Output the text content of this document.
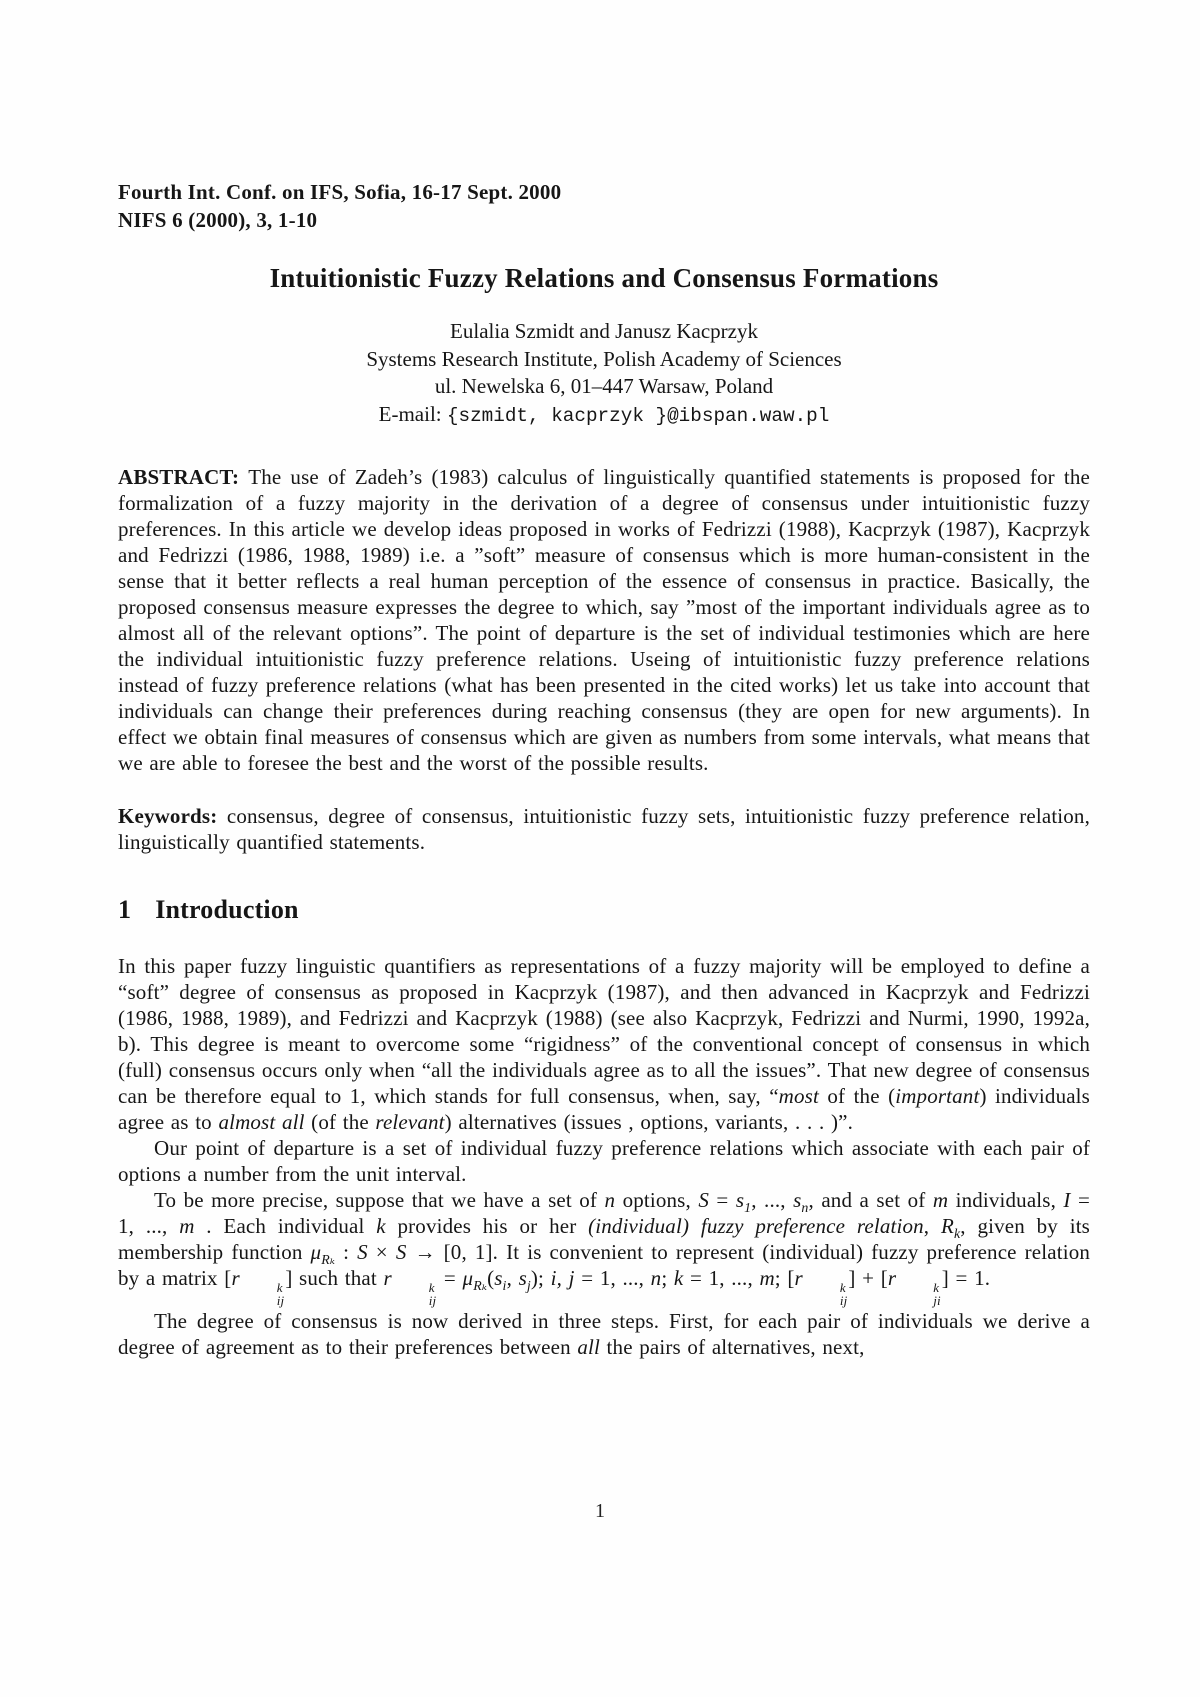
Fourth Int. Conf. on IFS, Sofia, 16-17 Sept. 2000
NIFS 6 (2000), 3, 1-10
Intuitionistic Fuzzy Relations and Consensus Formations
Eulalia Szmidt and Janusz Kacprzyk
Systems Research Institute, Polish Academy of Sciences
ul. Newelska 6, 01–447 Warsaw, Poland
E-mail: {szmidt, kacprzyk }@ibspan.waw.pl

ABSTRACT: The use of Zadeh’s (1983) calculus of linguistically quantified statements is proposed for the formalization of a fuzzy majority in the derivation of a degree of consensus under intuitionistic fuzzy preferences. In this article we develop ideas proposed in works of Fedrizzi (1988), Kacprzyk (1987), Kacprzyk and Fedrizzi (1986, 1988, 1989) i.e. a ”soft” measure of consensus which is more human-consistent in the sense that it better reflects a real human perception of the essence of consensus in practice. Basically, the proposed consensus measure expresses the degree to which, say ”most of the important individuals agree as to almost all of the relevant options”. The point of departure is the set of individual testimonies which are here the individual intuitionistic fuzzy preference relations. Useing of intuitionistic fuzzy preference relations instead of fuzzy preference relations (what has been presented in the cited works) let us take into account that individuals can change their preferences during reaching consensus (they are open for new arguments). In effect we obtain final measures of consensus which are given as numbers from some intervals, what means that we are able to foresee the best and the worst of the possible results.

Keywords: consensus, degree of consensus, intuitionistic fuzzy sets, intuitionistic fuzzy preference relation, linguistically quantified statements.

1 Introduction

In this paper fuzzy linguistic quantifiers as representations of a fuzzy majority will be employed to define a “soft” degree of consensus as proposed in Kacprzyk (1987), and then advanced in Kacprzyk and Fedrizzi (1986, 1988, 1989), and Fedrizzi and Kacprzyk (1988) (see also Kacprzyk, Fedrizzi and Nurmi, 1990, 1992a, b). This degree is meant to overcome some “rigidness” of the conventional concept of consensus in which (full) consensus occurs only when “all the individuals agree as to all the issues”. That new degree of consensus can be therefore equal to 1, which stands for full consensus, when, say, “most of the (important) individuals agree as to almost all (of the relevant) alternatives (issues , options, variants, . . . )”.

Our point of departure is a set of individual fuzzy preference relations which associate with each pair of options a number from the unit interval.

To be more precise, suppose that we have a set of n options, $S = s_1$, ..., $s_n$, and a set of m individuals, I = 1, ..., m . Each individual k provides his or her (individual) fuzzy preference relation, $R_k$, given by its membership function $\mu_{R_k}$ : S × S → [0, 1]. It is convenient to represent (individual) fuzzy preference relation by a matrix [r	k
ij
] such that r	k
ij
= $\mu_{R_k}(s_i$, $s_j$); i, j = 1, ..., n; k = 1, ..., m; [r	k
ij
] + [r	k
ji
] = 1.

The degree of consensus is now derived in three steps. First, for each pair of individuals we derive a degree of agreement as to their preferences between all the pairs of alternatives, next,

1
